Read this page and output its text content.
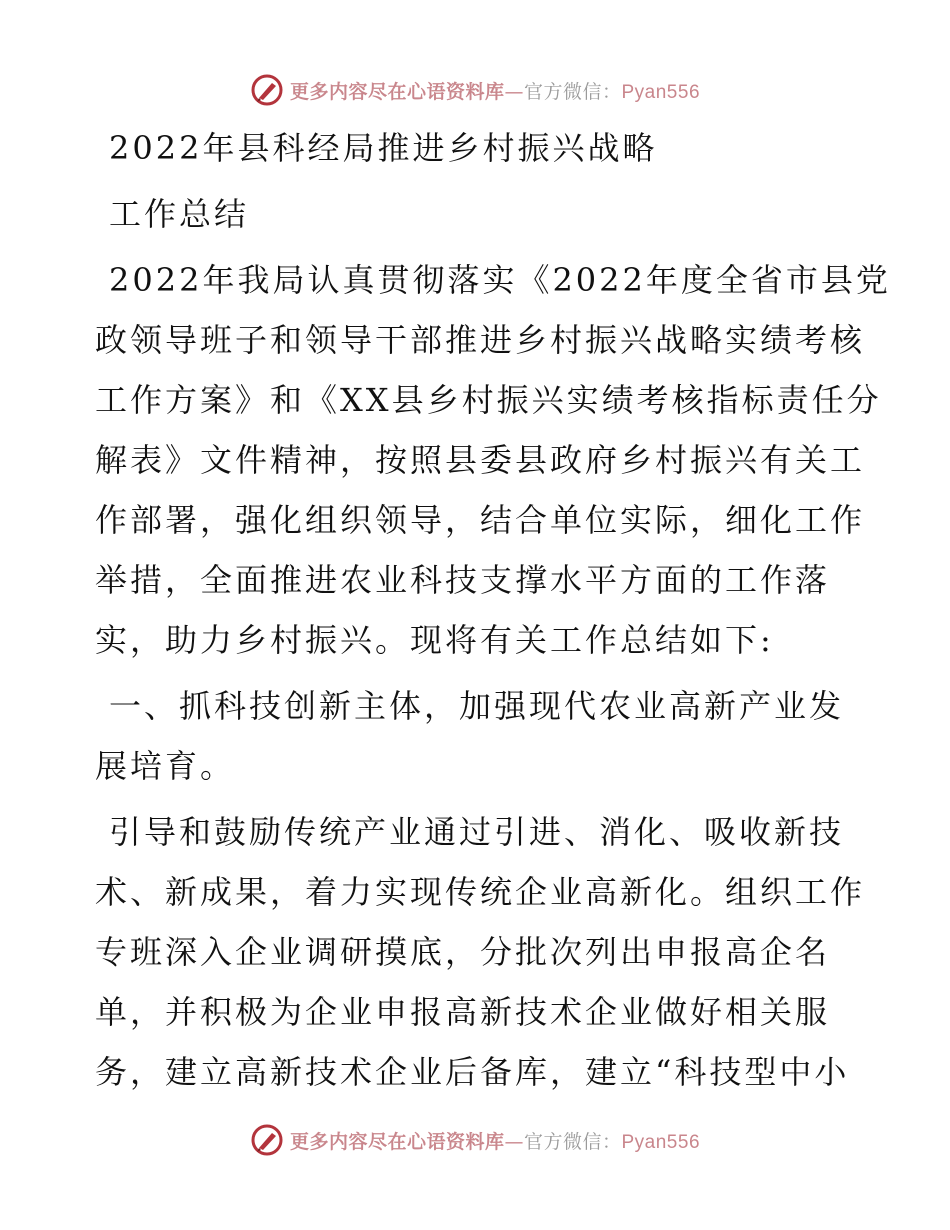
更多内容尽在心语资料库—官方微信：Pyan556

2022年县科经局推进乡村振兴战略

工作总结

2022年我局认真贯彻落实《2022年度全省市县党
政领导班子和领导干部推进乡村振兴战略实绩考核
工作方案》和《XX县乡村振兴实绩考核指标责任分
解表》文件精神，按照县委县政府乡村振兴有关工
作部署，强化组织领导，结合单位实际，细化工作
举措，全面推进农业科技支撑水平方面的工作落
实，助力乡村振兴。现将有关工作总结如下:

一、抓科技创新主体，加强现代农业高新产业发
展培育。

引导和鼓励传统产业通过引进、消化、吸收新技
术、新成果，着力实现传统企业高新化。组织工作
专班深入企业调研摸底，分批次列出申报高企名
单，并积极为企业申报高新技术企业做好相关服
务，建立高新技术企业后备库，建立“科技型中小

更多内容尽在心语资料库—官方微信：Pyan556
